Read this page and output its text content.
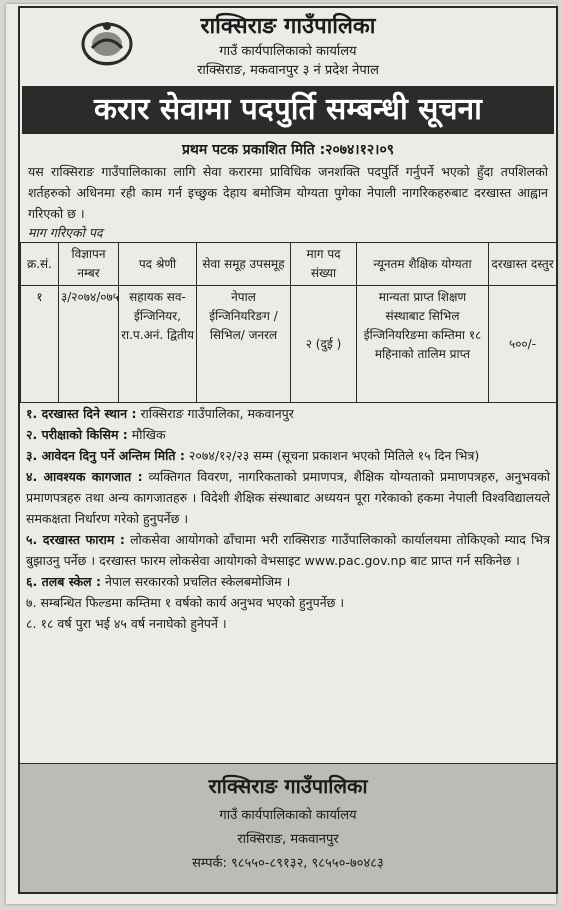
राक्सिराङ गाउँपालिका
गाउँ कार्यपालिकाको कार्यालय
राक्सिराङ, मकवानपुर ३ नं प्रदेश नेपाल
करार सेवामा पदपुर्ति सम्बन्धी सूचना
प्रथम पटक प्रकाशित मिति :२०७४।१२।०९
यस राक्सिराङ गाउँपालिकाका लागि सेवा करारमा प्राविधिक जनशक्ति पदपुर्ति गर्नुपर्ने भएको हुँदा तपशिलको शर्तहरुको अधिनमा रही काम गर्न इच्छुक देहाय बमोजिम योग्यता पुगेका नेपाली नागरिकहरुबाट दरखास्त आह्वान गरिएको छ ।
माग गरिएको पद
क्र.सं.	विज्ञापन नम्बर	पद श्रेणी	सेवा समूह उपसमूह	माग पद संख्या	न्यूनतम शैक्षिक योग्यता	दरखास्त दस्तुर
१	३/२०७४/०७५	सहायक सव-ईन्जिनियर, रा.प.अनं. द्वितीय	नेपाल ईन्जिनियरिङग /सिभिल/ जनरल	२ (दुई )	मान्यता प्राप्त शिक्षण संस्थाबाट सिभिल ईन्जिनियरिङमा कम्तिमा १८ महिनाको तालिम प्राप्त	५००/-
१. दरखास्त दिने स्थान : राक्सिराङ गाउँपालिका, मकवानपुर
२. परीक्षाको किसिम : मौखिक
३. आवेदन दिनु पर्ने अन्तिम मिति : २०७४/१२/२३ सम्म (सूचना प्रकाशन भएको मितिले १५ दिन भित्र)
४. आवश्यक कागजात : व्यक्तिगत विवरण, नागरिकताको प्रमाणपत्र, शैक्षिक योग्यताको प्रमाणपत्रहरु, अनुभवको प्रमाणपत्रहरु तथा अन्य कागजातहरु । विदेशी शैक्षिक संस्थाबाट अध्ययन पूरा गरेकाको हकमा नेपाली विश्वविद्यालयले समकक्षता निर्धारण गरेको हुनुपर्नेछ ।
५. दरखास्त फाराम : लोकसेवा आयोगको ढाँचामा भरी राक्सिराङ गाउँपालिकाको कार्यालयमा तोकिएको म्याद भित्र बुझाउनु पर्नेछ । दरखास्त फारम लोकसेवा आयोगको वेभसाइट www.pac.gov.np बाट प्राप्त गर्न सकिनेछ ।
६. तलब स्केल : नेपाल सरकारको प्रचलित स्केलबमोजिम ।
७. सम्बन्धित फिल्डमा कम्तिमा १ वर्षको कार्य अनुभव भएको हुनुपर्नेछ ।
८. १८ वर्ष पुरा भई ४५ वर्ष ननाघेको हुनेपर्ने ।
राक्सिराङ गाउँपालिका
गाउँ कार्यपालिकाको कार्यालय
राक्सिराङ, मकवानपुर
सम्पर्क: ९८५५०-८९१३२, ९८५५०-७०४८३
